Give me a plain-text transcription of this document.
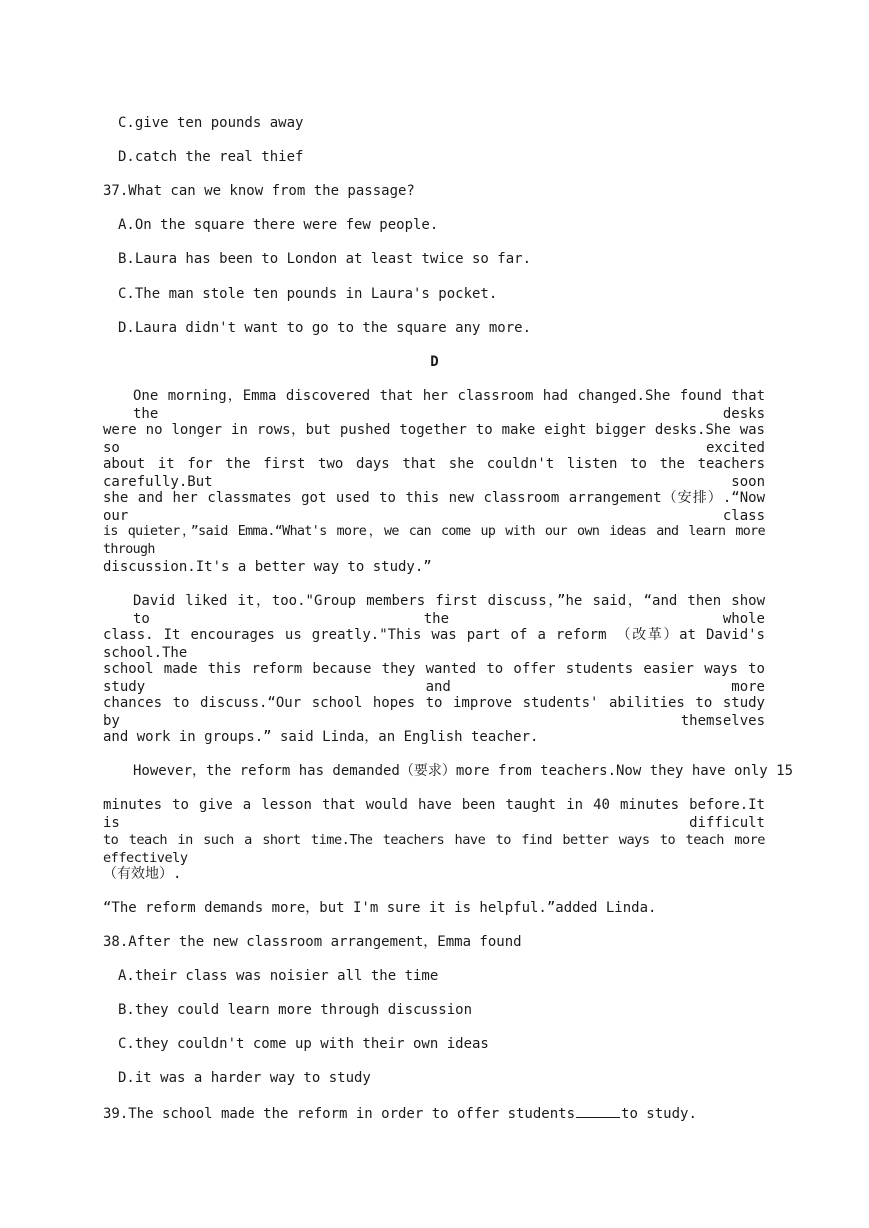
C.give ten pounds away
D.catch the real thief
37.What can we know from the passage?
A.On the square there were few people.
B.Laura has been to London at least twice so far.
C.The man stole ten pounds in Laura's pocket.
D.Laura didn't want to go to the square any more.
D
One morning，Emma discovered that her classroom had changed.She found that the desks
were no longer in rows，but pushed together to make eight bigger desks.She was so excited
about it for the first two days that she couldn't listen to the teachers carefully.But soon
she and her classmates got used to this new classroom arrangement（安排）.“Now our class
is quieter，”said Emma.“What's more，we can come up with our own ideas and learn more through
discussion.It's a better way to study.”
David liked it，too."Group members first discuss，”he said，“and then show to the whole
class. It encourages us greatly."This was part of a reform （改革）at David's school.The
school made this reform because they wanted to offer students easier ways to study and more
chances to discuss.“Our school hopes to improve students' abilities to study by themselves
and work in groups.” said Linda，an English teacher.
However，the reform has demanded（要求）more from teachers.Now they have only 15
minutes to give a lesson that would have been taught in 40 minutes before.It is difficult
to teach in such a short time.The teachers have to find better ways to teach more effectively
（有效地）.
“The reform demands more，but I'm sure it is helpful.”added Linda.
38.After the new classroom arrangement，Emma found
A.their class was noisier all the time
B.they could learn more through discussion
C.they couldn't come up with their own ideas
D.it was a harder way to study
39.The school made the reform in order to offer students	to study.
